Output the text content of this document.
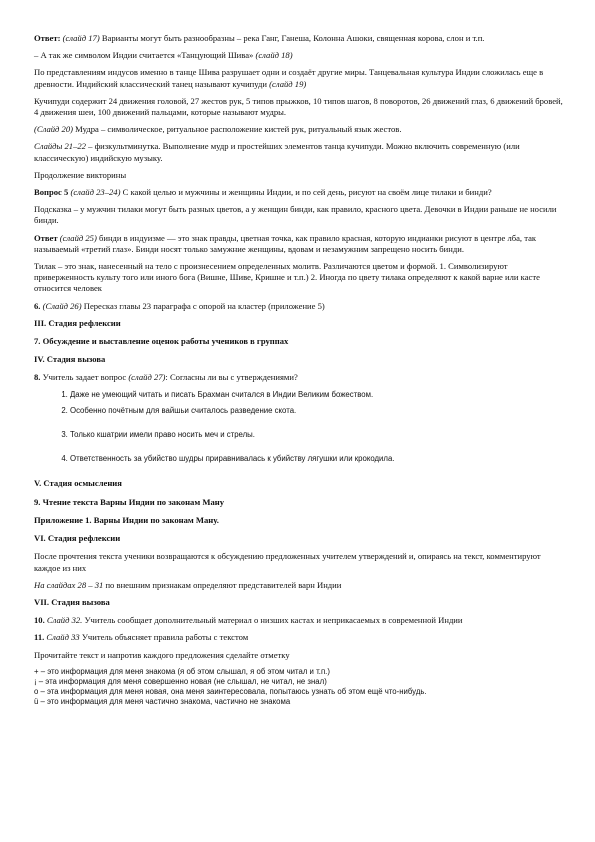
Ответ: (слайд 17) Варианты могут быть разнообразны – река Ганг, Ганеша, Колонна Ашоки, священная корова, слон и т.п.

– А так же символом Индии считается «Танцующий Шива» (слайд 18)

По представлениям индусов именно в танце Шива разрушает одни и создаёт другие миры. Танцевальная культура Индии сложилась еще в древности. Индийский классический танец называют кучипуди (слайд 19)

Кучипуди содержит 24 движения головой, 27 жестов рук, 5 типов прыжков, 10 типов шагов, 8 поворотов, 26 движений глаз, 6 движений бровей, 4 движения шеи, 100 движений пальцами, которые называют мудры.

(Слайд 20) Мудра – символическое, ритуальное расположение кистей рук, ритуальный язык жестов.

Слайды 21–22 – физкультминутка. Выполнение мудр и простейших элементов танца кучипуди. Можно включить современную (или классическую) индийскую музыку.

Продолжение викторины

Вопрос 5 (слайд 23–24) С какой целью и мужчины и женщины Индии, и по сей день, рисуют на своём лице тилаки и бинди?

Подсказка – у мужчин тилаки могут быть разных цветов, а у женщин бинди, как правило, красного цвета. Девочки в Индии раньше не носили бинди.

Ответ (слайд 25) бинди в индуизме — это знак правды, цветная точка, как правило красная, которую индианки рисуют в центре лба, так называемый «третий глаз». Бинди носят только замужние женщины, вдовам и незамужним запрещено носить бинди.

Тилак – это знак, нанесенный на тело с произнесением определенных молитв. Различаются цветом и формой. 1. Символизируют приверженность культу того или иного бога (Вишне, Шиве, Кришне и т.п.) 2. Иногда по цвету тилака определяют к какой варне или касте относится человек

6. (Слайд 26) Пересказ главы 23 параграфа с опорой на кластер (приложение 5)

III. Стадия рефлексии

7. Обсуждение и выставление оценок работы учеников в группах

IV. Стадия вызова

8. Учитель задает вопрос (слайд 27): Согласны ли вы с утверждениями?

1. Даже не умеющий читать и писать Брахман считался в Индии Великим божеством.
2. Особенно почётным для вайшьи считалось разведение скота.
3. Только кшатрии имели право носить меч и стрелы.
4. Ответственность за убийство шудры приравнивалась к убийству лягушки или крокодила.

V. Стадия осмысления

9. Чтение текста Варны Индии по законам Ману

Приложение 1. Варны Индии по законам Ману.

VI. Стадия рефлексии

После прочтения текста ученики возвращаются к обсуждению предложенных учителем утверждений и, опираясь на текст, комментируют каждое из них

На слайдах 28 – 31 по внешним признакам определяют представителей варн Индии

VII. Стадия вызова

10. Слайд 32. Учитель сообщает дополнительный материал о низших кастах и неприкасаемых в современной Индии

11. Слайд 33 Учитель объясняет правила работы с текстом

Прочитайте текст и напротив каждого предложения сделайте отметку

+ – это информация для меня знакома (я об этом слышал, я об этом читал и т.п.)

¡ – эта информация для меня совершенно новая (не слышал, не читал, не знал)

o – эта информация для меня новая, она меня заинтересовала, попытаюсь узнать об этом ещё что-нибудь.

ü – это информация для меня частично знакома, частично не знакома
